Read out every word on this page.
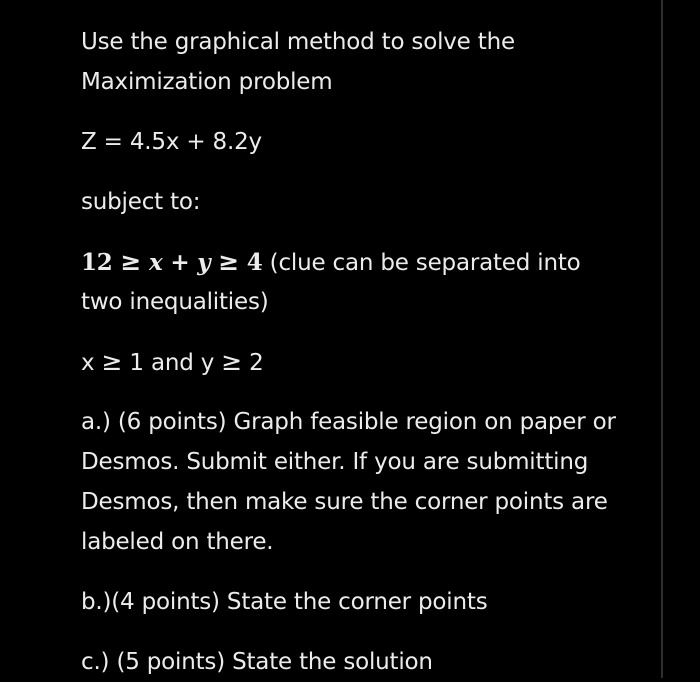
Use the graphical method to solve the
Maximization problem
Z = 4.5x + 8.2y
subject to:
12 ≥ x + y ≥ 4 (clue can be separated into
two inequalities)
x ≥ 1 and y ≥ 2
a.) (6 points) Graph feasible region on paper or
Desmos. Submit either. If you are submitting
Desmos, then make sure the corner points are
labeled on there.
b.)(4 points) State the corner points
c.) (5 points) State the solution
